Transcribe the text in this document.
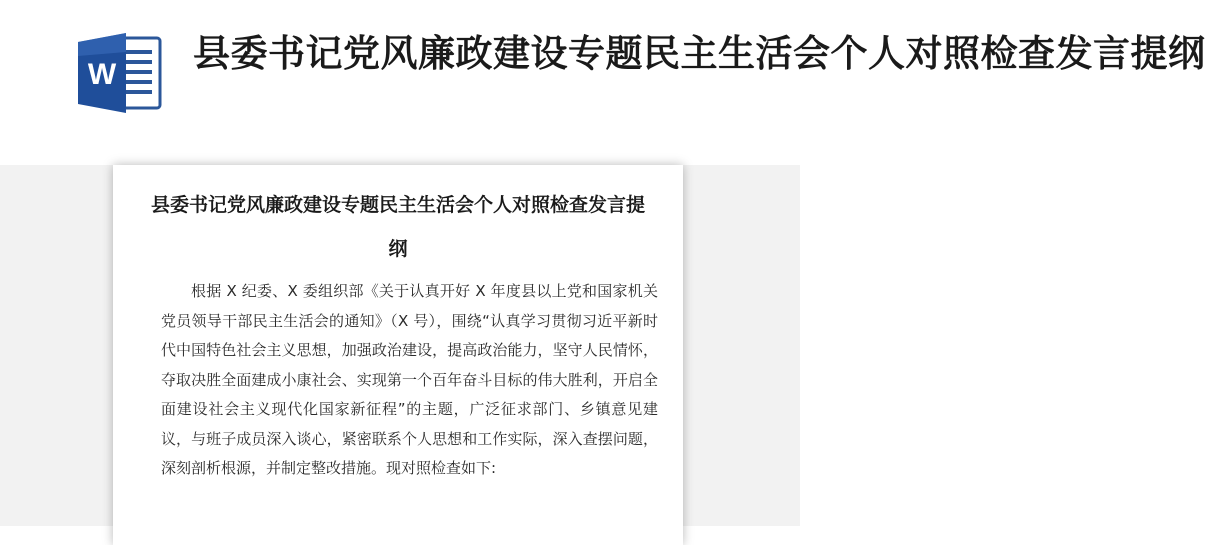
W 县委书记党风廉政建设专题民主生活会个人对照检查发言提纲
县委书记党风廉政建设专题民主生活会个人对照检查发言提纲

根据 X 纪委、X 委组织部《关于认真开好 X 年度县以上党和国家机关党员领导干部民主生活会的通知》（X 号），围绕“认真学习贯彻习近平新时代中国特色社会主义思想，加强政治建设，提高政治能力，坚守人民情怀，夺取决胜全面建成小康社会、实现第一个百年奋斗目标的伟大胜利，开启全面建设社会主义现代化国家新征程”的主题，广泛征求部门、乡镇意见建议，与班子成员深入谈心，紧密联系个人思想和工作实际，深入查摆问题，深刻剖析根源，并制定整改措施。现对照检查如下:
